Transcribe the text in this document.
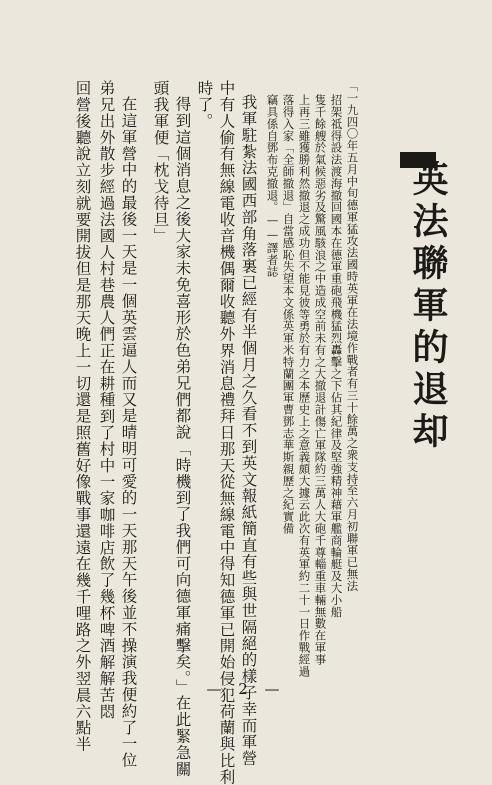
英法聯軍的退却
「一九四〇年五月中旬德軍猛攻法國時英軍在法境作戰者有三十餘萬之衆支持至六月初聯軍已無法
招架祗得設法渡海撤回國本在德軍重砲飛機猛烈轟擊之下佔其紀律及堅強精神藉軍艦商輪艇及大小船
隻千餘艘於氣候惡劣及驚風駭浪之中造成空前未有之大撤退計傷亡軍隊約三萬人大砲千尊輜重車輛無數在軍事
上再三雖獲勝利然撤退之成功但不能見彼等勇於有力之本歷史上之意義頗大據云此次有英軍約二十一日作戰經過
落得入家「全師撤退」自當感恥失望本文係英軍米特蘭團軍曹鄧志華斯親歷之紀實備
竊具係自鄧布克撤退。——譯者誌
我軍駐紮法國西部角落裏已經有半個月之久看不到英文報紙簡直有些與世隔絕的樣子幸而軍營
中有人偷有無線電收音機偶爾收聽外界消息禮拜日那天從無線電中得知德軍已開始侵犯荷蘭與比利
時了。
得到這個消息之後大家未免喜形於色弟兄們都說「時機到了我們可向德軍痛擊矣。」在此緊急關
頭我軍便「枕戈待旦」
在這軍營中的最後一天是一個英雲逼人而又是晴明可愛的一天那天午後並不操演我便約了一位
弟兄出外散步經過法國人村巷農人們正在耕種到了村中一家咖啡店飲了幾杯啤酒解解苦悶
回營後聽說立刻就要開拔但是那天晚上一切還是照舊好像戰事還遠在幾千哩路之外翌晨六點半	— 2 —
